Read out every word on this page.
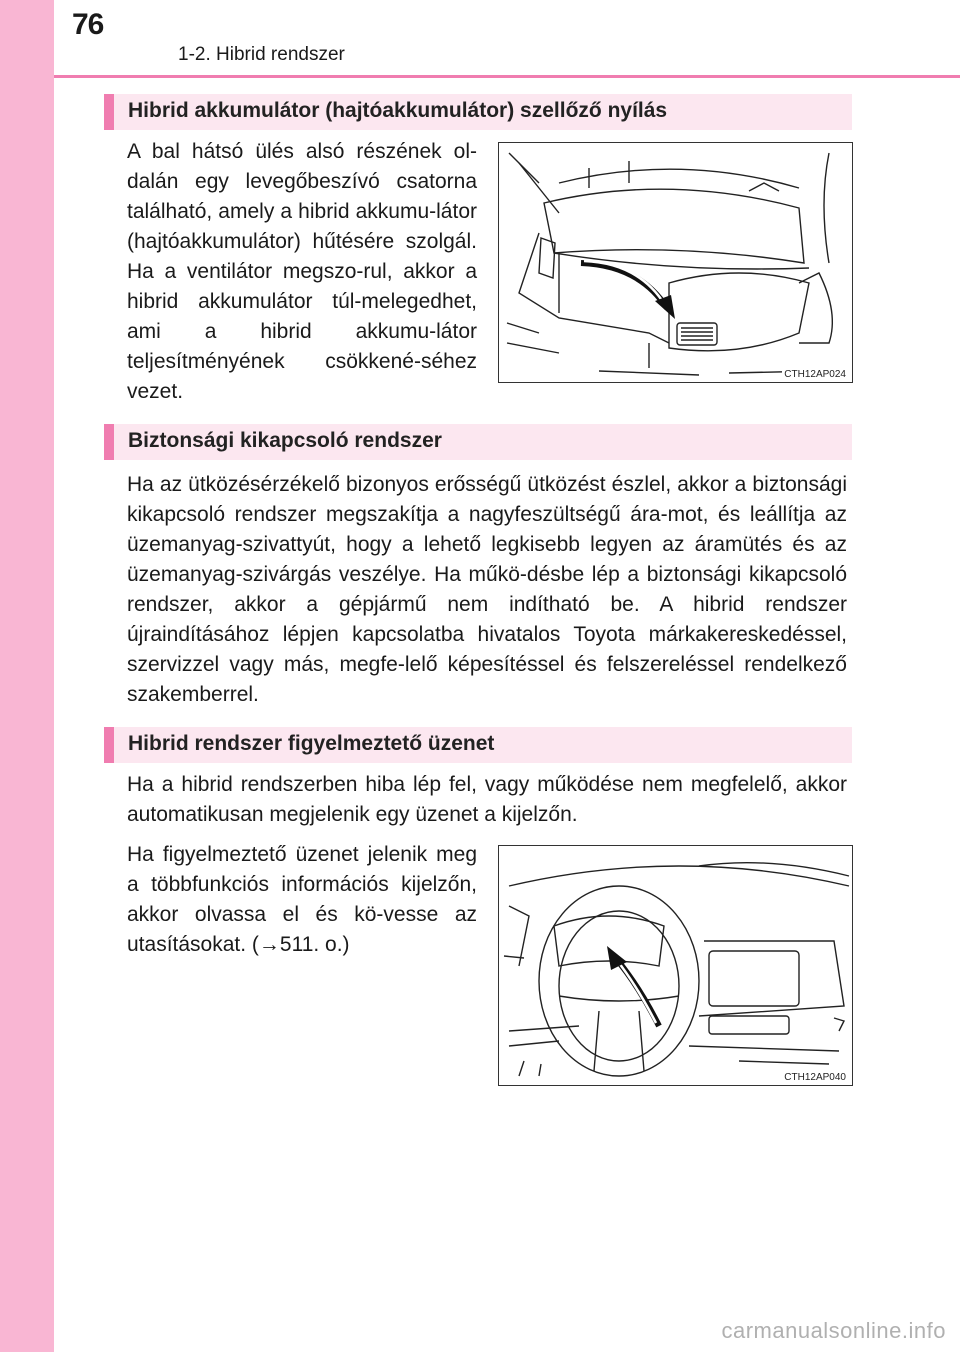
76
1-2. Hibrid rendszer
Hibrid akkumulátor (hajtóakkumulátor) szellőző nyílás
A bal hátsó ülés alsó részének ol-dalán egy levegőbeszívó csatorna található, amely a hibrid akkumu-látor (hajtóakkumulátor) hűtésére szolgál. Ha a ventilátor megszo-rul, akkor a hibrid akkumulátor túl-melegedhet, ami a hibrid akkumu-látor teljesítményének csökkené-séhez vezet.
CTH12AP024
Biztonsági kikapcsoló rendszer
Ha az ütközésérzékelő bizonyos erősségű ütközést észlel, akkor a biztonsági kikapcsoló rendszer megszakítja a nagyfeszültségű ára-mot, és leállítja az üzemanyag-szivattyút, hogy a lehető legkisebb legyen az áramütés és az üzemanyag-szivárgás veszélye. Ha műkö-désbe lép a biztonsági kikapcsoló rendszer, akkor a gépjármű nem indítható be. A hibrid rendszer újraindításához lépjen kapcsolatba hivatalos Toyota márkakereskedéssel, szervizzel vagy más, megfe-lelő képesítéssel és felszereléssel rendelkező szakemberrel.
Hibrid rendszer figyelmeztető üzenet
Ha a hibrid rendszerben hiba lép fel, vagy működése nem megfelelő, akkor automatikusan megjelenik egy üzenet a kijelzőn.
Ha figyelmeztető üzenet jelenik meg a többfunkciós információs kijelzőn, akkor olvassa el és kö-vesse az utasításokat. (→511. o.)
CTH12AP040
carmanualsonline.info
